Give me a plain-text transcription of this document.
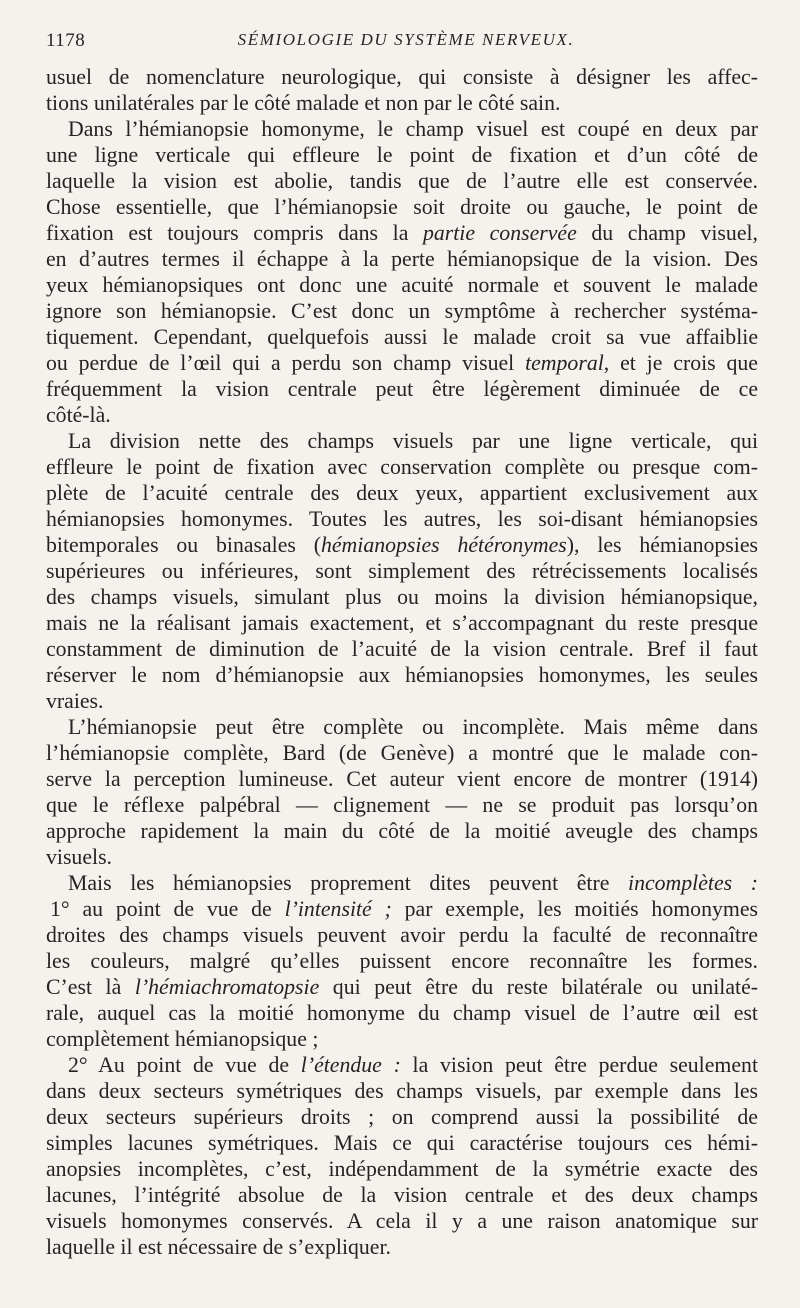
1178	SÉMIOLOGIE DU SYSTÈME NERVEUX.
usuel de nomenclature neurologique, qui consiste à désigner les affec-
tions unilatérales par le côté malade et non par le côté sain.
Dans l’hémianopsie homonyme, le champ visuel est coupé en deux par
une ligne verticale qui effleure le point de fixation et d’un côté de
laquelle la vision est abolie, tandis que de l’autre elle est conservée.
Chose essentielle, que l’hémianopsie soit droite ou gauche, le point de
fixation est toujours compris dans la partie conservée du champ visuel,
en d’autres termes il échappe à la perte hémianopsique de la vision. Des
yeux hémianopsiques ont donc une acuité normale et souvent le malade
ignore son hémianopsie. C’est donc un symptôme à rechercher systéma-
tiquement. Cependant, quelquefois aussi le malade croit sa vue affaiblie
ou perdue de l’œil qui a perdu son champ visuel temporal, et je crois que
fréquemment la vision centrale peut être légèrement diminuée de ce
côté-là.
La division nette des champs visuels par une ligne verticale, qui
effleure le point de fixation avec conservation complète ou presque com-
plète de l’acuité centrale des deux yeux, appartient exclusivement aux
hémianopsies homonymes. Toutes les autres, les soi-disant hémianopsies
bitemporales ou binasales (hémianopsies hétéronymes), les hémianopsies
supérieures ou inférieures, sont simplement des rétrécissements localisés
des champs visuels, simulant plus ou moins la division hémianopsique,
mais ne la réalisant jamais exactement, et s’accompagnant du reste presque
constamment de diminution de l’acuité de la vision centrale. Bref il faut
réserver le nom d’hémianopsie aux hémianopsies homonymes, les seules
vraies.
L’hémianopsie peut être complète ou incomplète. Mais même dans
l’hémianopsie complète, Bard (de Genève) a montré que le malade con-
serve la perception lumineuse. Cet auteur vient encore de montrer (1914)
que le réflexe palpébral — clignement — ne se produit pas lorsqu’on
approche rapidement la main du côté de la moitié aveugle des champs
visuels.
Mais les hémianopsies proprement dites peuvent être incomplètes :
1° au point de vue de l’intensité ; par exemple, les moitiés homonymes
droites des champs visuels peuvent avoir perdu la faculté de reconnaître
les couleurs, malgré qu’elles puissent encore reconnaître les formes.
C’est là l’hémiachromatopsie qui peut être du reste bilatérale ou unilaté-
rale, auquel cas la moitié homonyme du champ visuel de l’autre œil est
complètement hémianopsique ;
2° Au point de vue de l’étendue : la vision peut être perdue seulement
dans deux secteurs symétriques des champs visuels, par exemple dans les
deux secteurs supérieurs droits ; on comprend aussi la possibilité de
simples lacunes symétriques. Mais ce qui caractérise toujours ces hémi-
anopsies incomplètes, c’est, indépendamment de la symétrie exacte des
lacunes, l’intégrité absolue de la vision centrale et des deux champs
visuels homonymes conservés. A cela il y a une raison anatomique sur
laquelle il est nécessaire de s’expliquer.
